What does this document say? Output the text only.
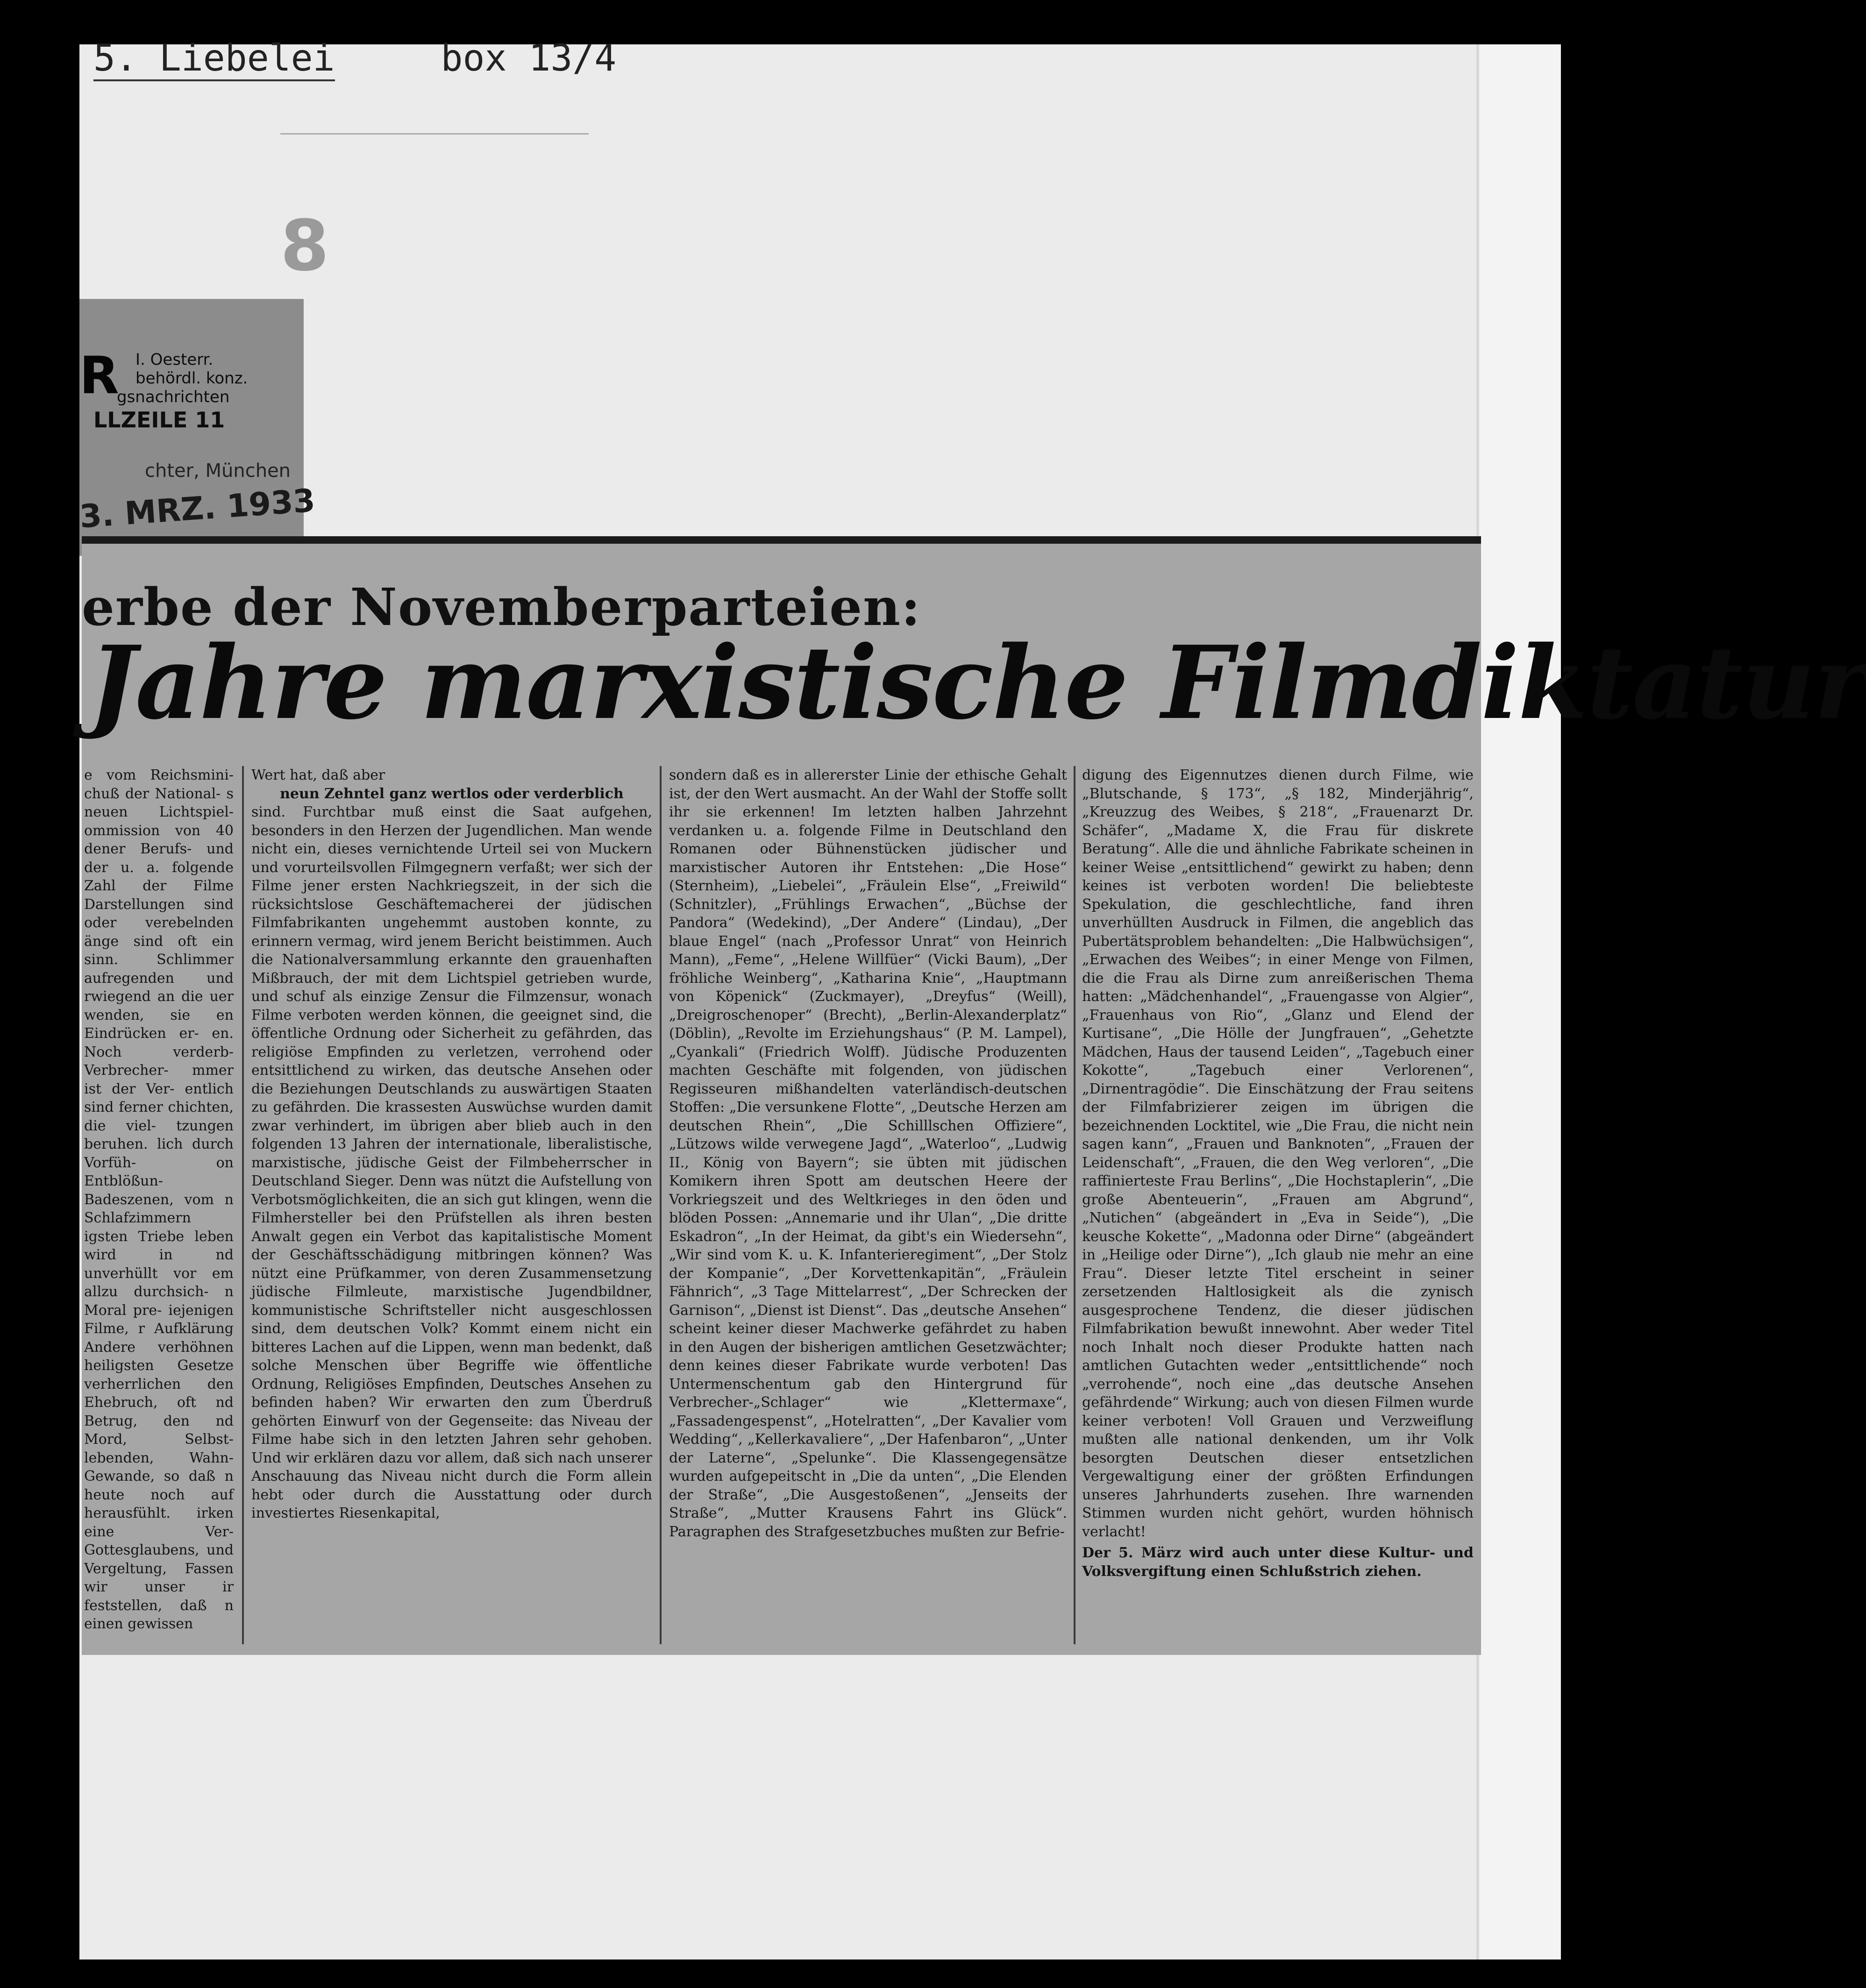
5. Liebelei	box 13/4
8
R I. Oesterr.
behördl. konz.
gsnachrichten
LLZEILE 11
chter, München
3. MRZ. 1933
erbe der Novemberparteien:
Jahre marxistische Filmdiktatur

e vom Reichsmini- chuß der National- s neuen Lichtspiel- ommission von 40 dener Berufs- und der u. a. folgende Zahl der Filme Darstellungen sind oder verebelnden änge sind oft ein sinn. Schlimmer aufregenden und rwiegend an die uer wenden, sie en Eindrücken er- en. Noch verderb- Verbrecher- mmer ist der Ver- entlich sind ferner chichten, die viel- tzungen beruhen. lich durch Vorfüh- on Entblößun- Badeszenen, vom n Schlafzimmern igsten Triebe leben wird in nd unverhüllt vor em allzu durchsich- n Moral pre- iejenigen Filme, r Aufklärung Andere verhöhnen heiligsten Gesetze verherrlichen den Ehebruch, oft nd Betrug, den nd Mord, Selbst- lebenden, Wahn- Gewande, so daß n heute noch auf herausfühlt. irken eine Ver- Gottesglaubens, und Vergeltung, Fassen wir unser ir feststellen, daß n einen gewissen

Wert hat, daß aber

neun Zehntel ganz wertlos oder verderblich

sind. Furchtbar muß einst die Saat aufgehen, besonders in den Herzen der Jugendlichen. Man wende nicht ein, dieses vernichtende Urteil sei von Muckern und vorurteilsvollen Filmgegnern verfaßt; wer sich der Filme jener ersten Nachkriegszeit, in der sich die rücksichtslose Geschäftemacherei der jüdischen Filmfabrikanten ungehemmt austoben konnte, zu erinnern vermag, wird jenem Bericht beistimmen. Auch die Nationalversammlung erkannte den grauenhaften Mißbrauch, der mit dem Lichtspiel getrieben wurde, und schuf als einzige Zensur die Filmzensur, wonach Filme verboten werden können, die geeignet sind, die öffentliche Ordnung oder Sicherheit zu gefährden, das religiöse Empfinden zu verletzen, verrohend oder entsittlichend zu wirken, das deutsche Ansehen oder die Beziehungen Deutschlands zu auswärtigen Staaten zu gefährden. Die krassesten Auswüchse wurden damit zwar verhindert, im übrigen aber blieb auch in den folgenden 13 Jahren der internationale, liberalistische, marxistische, jüdische Geist der Filmbeherrscher in Deutschland Sieger. Denn was nützt die Aufstellung von Verbotsmöglichkeiten, die an sich gut klingen, wenn die Filmhersteller bei den Prüfstellen als ihren besten Anwalt gegen ein Verbot das kapitalistische Moment der Geschäftsschädigung mitbringen können? Was nützt eine Prüfkammer, von deren Zusammensetzung jüdische Filmleute, marxistische Jugendbildner, kommunistische Schriftsteller nicht ausgeschlossen sind, dem deutschen Volk? Kommt einem nicht ein bitteres Lachen auf die Lippen, wenn man bedenkt, daß solche Menschen über Begriffe wie öffentliche Ordnung, Religiöses Empfinden, Deutsches Ansehen zu befinden haben? Wir erwarten den zum Überdruß gehörten Einwurf von der Gegenseite: das Niveau der Filme habe sich in den letzten Jahren sehr gehoben. Und wir erklären dazu vor allem, daß sich nach unserer Anschauung das Niveau nicht durch die Form allein hebt oder durch die Ausstattung oder durch investiertes Riesenkapital,

sondern daß es in allererster Linie der ethische Gehalt ist, der den Wert ausmacht. An der Wahl der Stoffe sollt ihr sie erkennen! Im letzten halben Jahrzehnt verdanken u. a. folgende Filme in Deutschland den Romanen oder Bühnenstücken jüdischer und marxistischer Autoren ihr Entstehen: „Die Hose“ (Sternheim), „Liebelei“, „Fräulein Else“, „Freiwild“ (Schnitzler), „Frühlings Erwachen“, „Büchse der Pandora“ (Wedekind), „Der Andere“ (Lindau), „Der blaue Engel“ (nach „Professor Unrat“ von Heinrich Mann), „Feme“, „Helene Willfüer“ (Vicki Baum), „Der fröhliche Weinberg“, „Katharina Knie“, „Hauptmann von Köpenick“ (Zuckmayer), „Dreyfus“ (Weill), „Dreigroschenoper“ (Brecht), „Berlin-Alexanderplatz“ (Döblin), „Revolte im Erziehungshaus“ (P. M. Lampel), „Cyankali“ (Friedrich Wolff). Jüdische Produzenten machten Geschäfte mit folgenden, von jüdischen Regisseuren mißhandelten vaterländisch-deutschen Stoffen: „Die versunkene Flotte“, „Deutsche Herzen am deutschen Rhein“, „Die Schilllschen Offiziere“, „Lützows wilde verwegene Jagd“, „Waterloo“, „Ludwig II., König von Bayern“; sie übten mit jüdischen Komikern ihren Spott am deutschen Heere der Vorkriegszeit und des Weltkrieges in den öden und blöden Possen: „Annemarie und ihr Ulan“, „Die dritte Eskadron“, „In der Heimat, da gibt's ein Wiedersehn“, „Wir sind vom K. u. K. Infanterieregiment“, „Der Stolz der Kompanie“, „Der Korvettenkapitän“, „Fräulein Fähnrich“, „3 Tage Mittelarrest“, „Der Schrecken der Garnison“, „Dienst ist Dienst“. Das „deutsche Ansehen“ scheint keiner dieser Machwerke gefährdet zu haben in den Augen der bisherigen amtlichen Gesetzwächter; denn keines dieser Fabrikate wurde verboten! Das Untermenschentum gab den Hintergrund für Verbrecher-„Schlager“ wie „Klettermaxe“, „Fassadengespenst“, „Hotelratten“, „Der Kavalier vom Wedding“, „Kellerkavaliere“, „Der Hafenbaron“, „Unter der Laterne“, „Spelunke“. Die Klassengegensätze wurden aufgepeitscht in „Die da unten“, „Die Elenden der Straße“, „Die Ausgestoßenen“, „Jenseits der Straße“, „Mutter Krausens Fahrt ins Glück“. Paragraphen des Strafgesetzbuches mußten zur Befrie-

digung des Eigennutzes dienen durch Filme, wie „Blutschande, § 173“, „§ 182, Minderjährig“, „Kreuzzug des Weibes, § 218“, „Frauenarzt Dr. Schäfer“, „Madame X, die Frau für diskrete Beratung“. Alle die und ähnliche Fabrikate scheinen in keiner Weise „entsittlichend“ gewirkt zu haben; denn keines ist verboten worden! Die beliebteste Spekulation, die geschlechtliche, fand ihren unverhüllten Ausdruck in Filmen, die angeblich das Pubertätsproblem behandelten: „Die Halbwüchsigen“, „Erwachen des Weibes“; in einer Menge von Filmen, die die Frau als Dirne zum anreißerischen Thema hatten: „Mädchenhandel“, „Frauengasse von Algier“, „Frauenhaus von Rio“, „Glanz und Elend der Kurtisane“, „Die Hölle der Jungfrauen“, „Gehetzte Mädchen, Haus der tausend Leiden“, „Tagebuch einer Kokotte“, „Tagebuch einer Verlorenen“, „Dirnentragödie“. Die Einschätzung der Frau seitens der Filmfabrizierer zeigen im übrigen die bezeichnenden Locktitel, wie „Die Frau, die nicht nein sagen kann“, „Frauen und Banknoten“, „Frauen der Leidenschaft“, „Frauen, die den Weg verloren“, „Die raffinierteste Frau Berlins“, „Die Hochstaplerin“, „Die große Abenteuerin“, „Frauen am Abgrund“, „Nutichen“ (abgeändert in „Eva in Seide“), „Die keusche Kokette“, „Madonna oder Dirne“ (abgeändert in „Heilige oder Dirne“), „Ich glaub nie mehr an eine Frau“. Dieser letzte Titel erscheint in seiner zersetzenden Haltlosigkeit als die zynisch ausgesprochene Tendenz, die dieser jüdischen Filmfabrikation bewußt innewohnt. Aber weder Titel noch Inhalt noch dieser Produkte hatten nach amtlichen Gutachten weder „entsittlichende“ noch „verrohende“, noch eine „das deutsche Ansehen gefährdende“ Wirkung; auch von diesen Filmen wurde keiner verboten! Voll Grauen und Verzweiflung mußten alle national denkenden, um ihr Volk besorgten Deutschen dieser entsetzlichen Vergewaltigung einer der größten Erfindungen unseres Jahrhunderts zusehen. Ihre warnenden Stimmen wurden nicht gehört, wurden höhnisch verlacht!

Der 5. März wird auch unter diese Kultur- und Volksvergiftung einen Schlußstrich ziehen.
